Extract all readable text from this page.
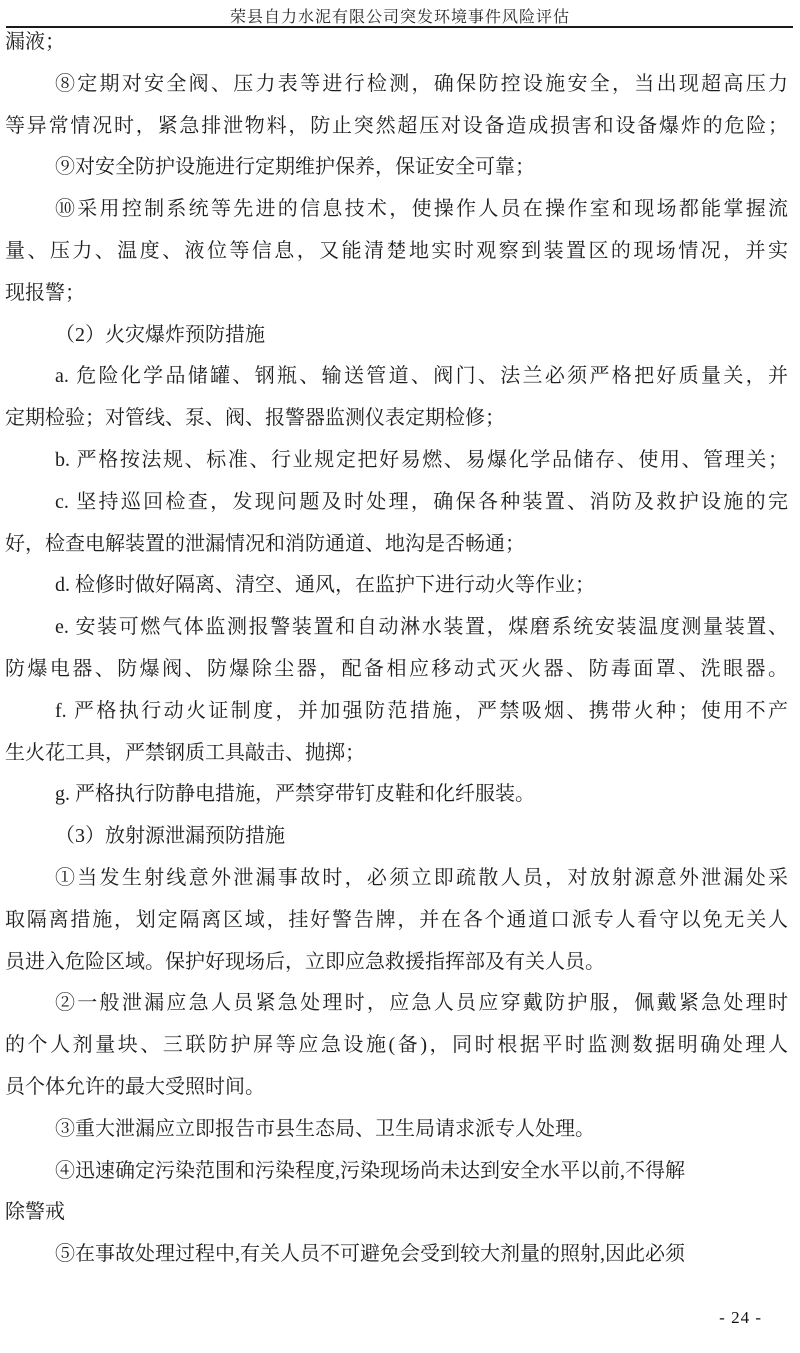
荣县自力水泥有限公司突发环境事件风险评估
漏液；
⑧定期对安全阀、压力表等进行检测，确保防控设施安全，当出现超高压力
等异常情况时，紧急排泄物料，防止突然超压对设备造成损害和设备爆炸的危险；
⑨对安全防护设施进行定期维护保养，保证安全可靠；
⑩采用控制系统等先进的信息技术，使操作人员在操作室和现场都能掌握流
量、压力、温度、液位等信息，又能清楚地实时观察到装置区的现场情况，并实
现报警；
（2）火灾爆炸预防措施
a. 危险化学品储罐、钢瓶、输送管道、阀门、法兰必须严格把好质量关，并
定期检验；对管线、泵、阀、报警器监测仪表定期检修；
b. 严格按法规、标准、行业规定把好易燃、易爆化学品储存、使用、管理关；
c. 坚持巡回检查，发现问题及时处理，确保各种装置、消防及救护设施的完
好，检查电解装置的泄漏情况和消防通道、地沟是否畅通；
d. 检修时做好隔离、清空、通风，在监护下进行动火等作业；
e. 安装可燃气体监测报警装置和自动淋水装置，煤磨系统安装温度测量装置、
防爆电器、防爆阀、防爆除尘器，配备相应移动式灭火器、防毒面罩、洗眼器。
f. 严格执行动火证制度，并加强防范措施，严禁吸烟、携带火种；使用不产
生火花工具，严禁钢质工具敲击、抛掷；
g. 严格执行防静电措施，严禁穿带钉皮鞋和化纤服装。
（3）放射源泄漏预防措施
①当发生射线意外泄漏事故时，必须立即疏散人员，对放射源意外泄漏处采
取隔离措施，划定隔离区域，挂好警告牌，并在各个通道口派专人看守以免无关人
员进入危险区域。保护好现场后，立即应急救援指挥部及有关人员。
②一般泄漏应急人员紧急处理时，应急人员应穿戴防护服，佩戴紧急处理时
的个人剂量块、三联防护屏等应急设施(备)，同时根据平时监测数据明确处理人
员个体允许的最大受照时间。
③重大泄漏应立即报告市县生态局、卫生局请求派专人处理。
④迅速确定污染范围和污染程度,污染现场尚未达到安全水平以前,不得解
除警戒
⑤在事故处理过程中,有关人员不可避免会受到较大剂量的照射,因此必须
- 24 -
